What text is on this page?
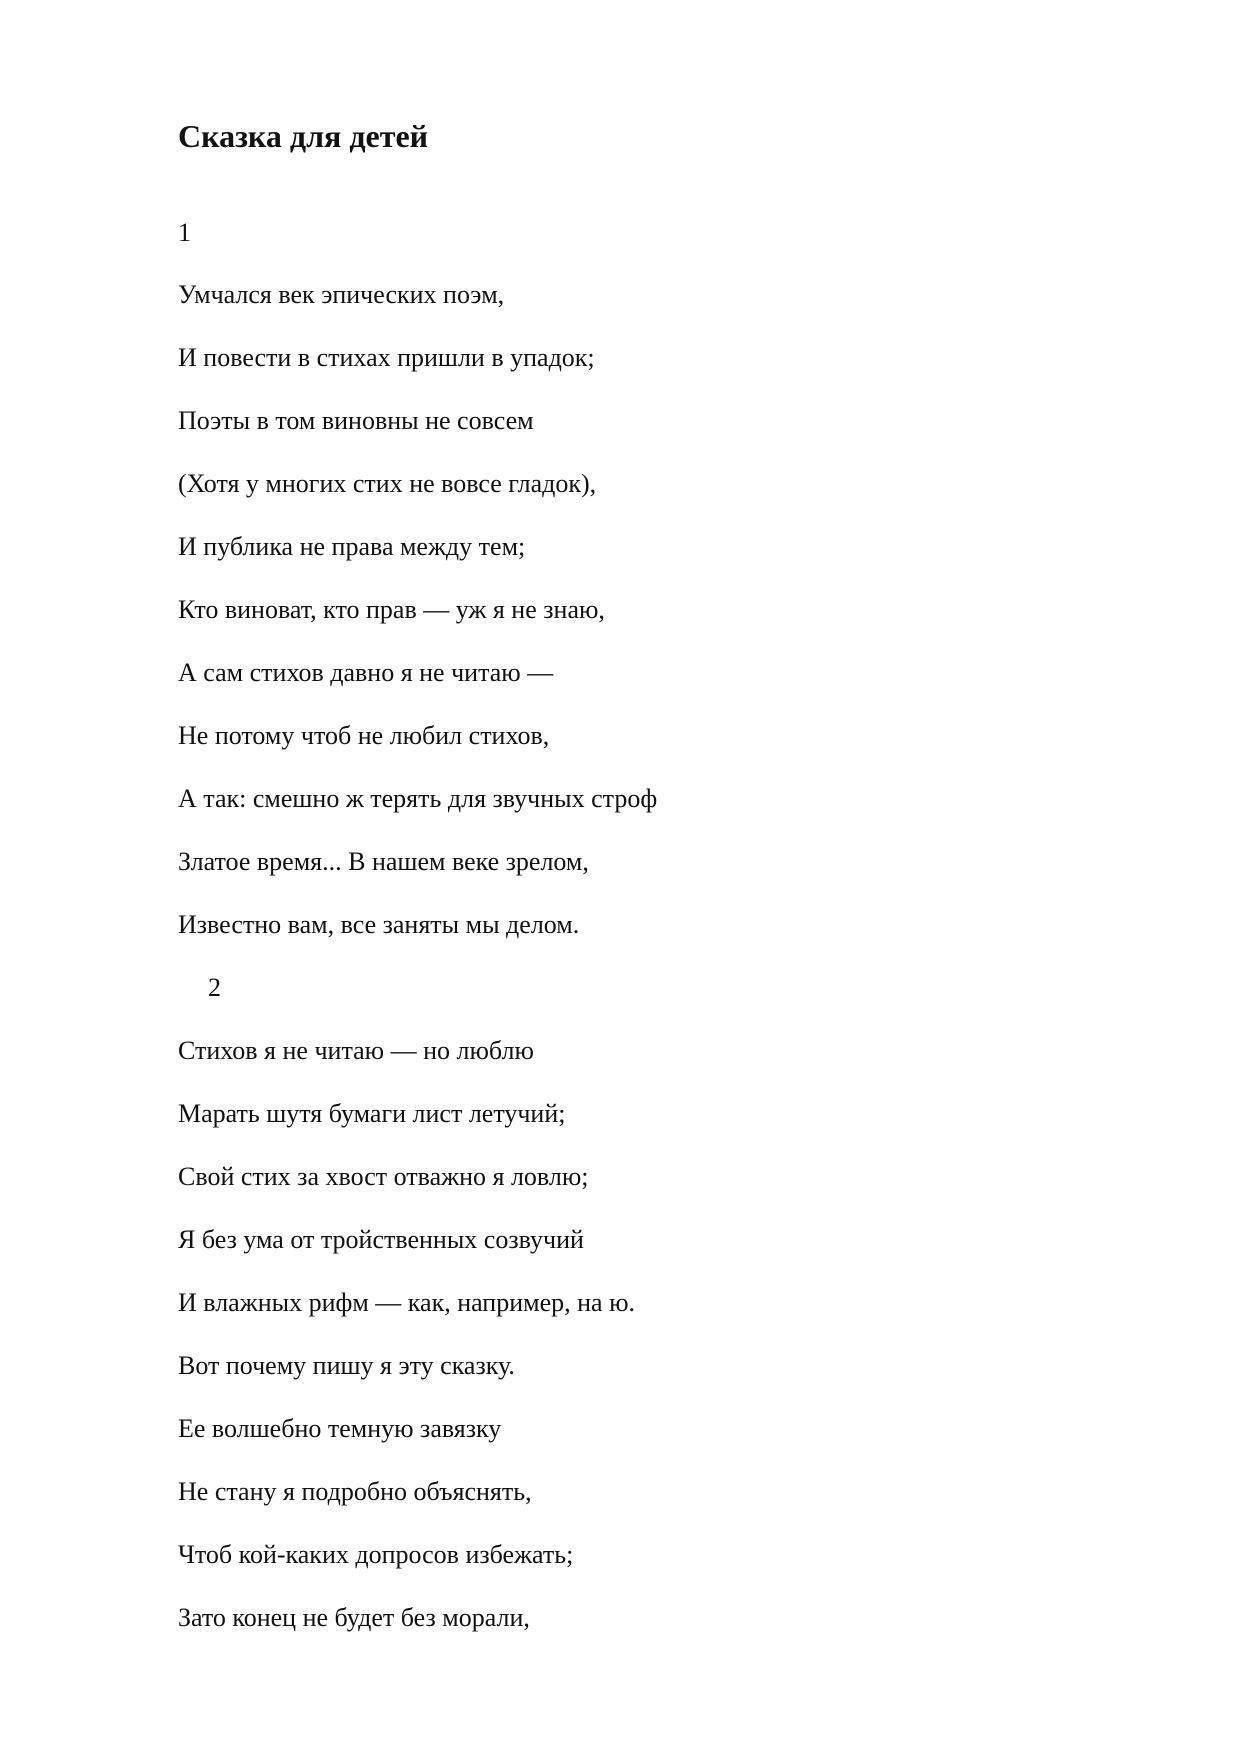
Сказка для детей
1
Умчался век эпических поэм,
И повести в стихах пришли в упадок;
Поэты в том виновны не совсем
(Хотя у многих стих не вовсе гладок),
И публика не права между тем;
Кто виноват, кто прав — уж я не знаю,
А сам стихов давно я не читаю —
Не потому чтоб не любил стихов,
А так: смешно ж терять для звучных строф
Златое время... В нашем веке зрелом,
Известно вам, все заняты мы делом.
2
Стихов я не читаю — но люблю
Марать шутя бумаги лист летучий;
Свой стих за хвост отважно я ловлю;
Я без ума от тройственных созвучий
И влажных рифм — как, например, на ю.
Вот почему пишу я эту сказку.
Ее волшебно темную завязку
Не стану я подробно объяснять,
Чтоб кой-каких допросов избежать;
Зато конец не будет без морали,
